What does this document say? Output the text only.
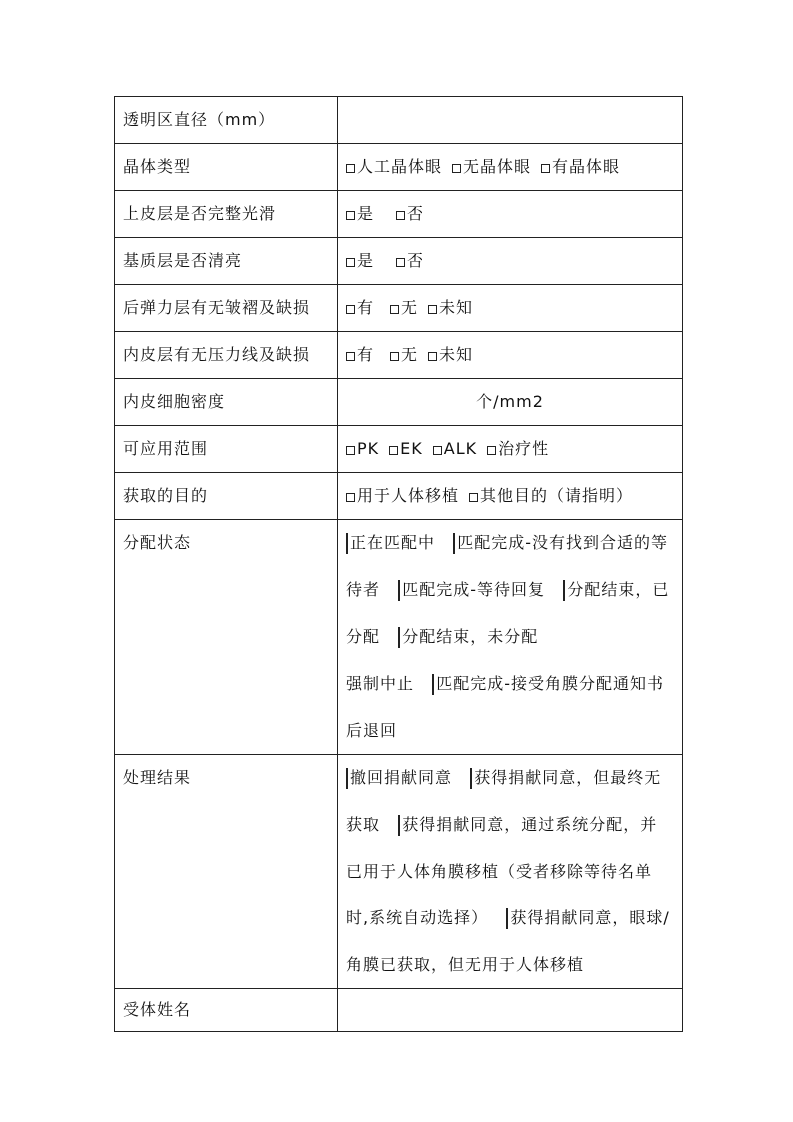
透明区直径（mm）	
晶体类型	人工晶体眼 无晶体眼 有晶体眼
上皮层是否完整光滑	是 否
基质层是否清亮	是 否
后弹力层有无皱褶及缺损	有 无 未知
内皮层有无压力线及缺损	有 无 未知
内皮细胞密度	个/mm2
可应用范围	PK EK ALK 治疗性
获取的目的	用于人体移植 其他目的（请指明）
分配状态	正在匹配中 匹配完成-没有找到合适的等待者 匹配完成-等待回复 分配结束，已分配 分配结束，未分配
强制中止 匹配完成-接受角膜分配通知书后退回
处理结果	撤回捐献同意 获得捐献同意，但最终无获取 获得捐献同意，通过系统分配，并已用于人体角膜移植（受者移除等待名单时,系统自动选择） 获得捐献同意，眼球/角膜已获取，但无用于人体移植
受体姓名	
